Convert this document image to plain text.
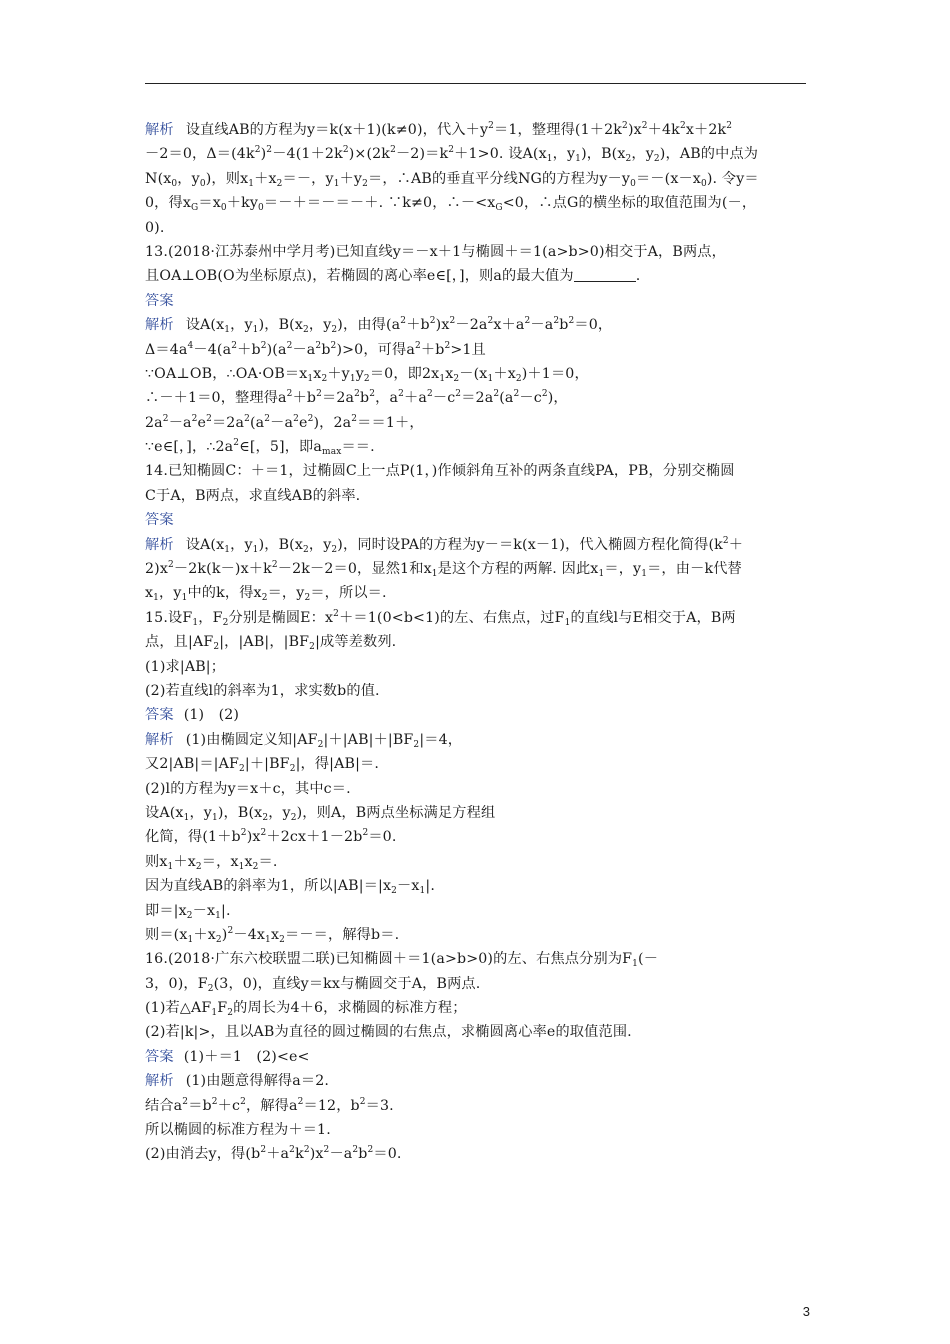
解析 设直线AB的方程为y＝k(x＋1)(k≠0)，代入$+y^2=1$，整理得$(1+2k^2)x^2+4k^2x+2k^2$
－2＝0，$\Delta=(4k^2)^2-4(1+2k^2)\times(2k^2-2)=k^2+1>0$. 设$A(x_1$，$y_1$)，$B(x_2$，$y_2$)，AB的中点为
$N(x_0$，$y_0$)，则$x_1+x_2=-$，$y_1+y_2=$，∴AB的垂直平分线NG的方程为$y-y_0=-(x-x_0)$. 令y＝
0，得$x_G=x_0+ky_0=-+=-=-+$. ∵k≠0，$\therefore-<x_G<0$，∴点G的横坐标的取值范围为(－，
0).
13.(2018·江苏泰州中学月考)已知直线y＝－x＋1与椭圆＋＝1(a>b>0)相交于A，B两点，
且OA⊥OB(O为坐标原点)，若椭圆的离心率e∈[，]，则a的最大值为	.
答案
解析 设$A(x_1$，$y_1$)，$B(x_2$，$y_2$)，由得$(a^2+b^2)x^2-2a^2x+a^2-a^2b^2=0$，
$\Delta=4a^4-4(a^2+b^2)(a^2-a^2b^2)>0$，可得$a^2+b^2>1$且
∵OA⊥OB，$\therefore OA\cdot OB=x_1x_2+y_1y_2=0$，即$2x_1x_2-(x_1+x_2)+1=0$，
∴－＋1＝0，整理得$a^2+b^2=2a^2b^2$，$a^2+a^2-c^2=2a^2(a^2-c^2)$，
$2a^2-a^2e^2=2a^2(a^2-a^2e^2)$，$2a^2==1+$，
∵e∈[，]，$\therefore 2a^2\in$[，5]，即$a_{max}==$.
14.已知椭圆C：＋＝1，过椭圆C上一点P(1，)作倾斜角互补的两条直线PA，PB，分别交椭圆
C于A，B两点，求直线AB的斜率.
答案
解析 设$A(x_1$，$y_1$)，$B(x_2$，$y_2$)，同时设PA的方程为y－＝k(x－1)，代入椭圆方程化简得($k^2+$
$2)x^2-2k(k-)x+k^2-2k-2=0$，显然1和$x_1$是这个方程的两解. 因此$x_1=$，$y_1=$，由－k代替
$x_1$，$y_1$中的k，得$x_2=$，$y_2=$，所以＝.
15.设$F_1$，$F_2$分别是椭圆E：$x^2+=1(0<b<1)$的左、右焦点，过$F_1$的直线l与E相交于A，B两
点，且$|AF_2|$，|AB|，$|BF_2|$成等差数列.
(1)求|AB|；
(2)若直线l的斜率为1，求实数b的值.
答案 (1)　(2)
解析 (1)由椭圆定义知$|AF_2|+|AB|+|BF_2|=4$，
又$2|AB|=|AF_2|+|BF_2|$，得|AB|＝.
(2)l的方程为y＝x＋c，其中c＝.
设$A(x_1$，$y_1$)，$B(x_2$，$y_2$)，则A，B两点坐标满足方程组
化简，得$(1+b^2)x^2+2cx+1-2b^2=0$.
则$x_1+x_2=$，$x_1x_2=$.
因为直线AB的斜率为1，所以$|AB|=|x_2-x_1|$.
即$=|x_2-x_1|$.
则$=(x_1+x_2)^2-4x_1x_2=-=$，解得b＝.
16.(2018·广东六校联盟二联)已知椭圆＋＝1(a>b>0)的左、右焦点分别为$F_1(-$
3，0)，$F_2(3$，0)，直线y＝kx与椭圆交于A，B两点.
(1)若$\triangle AF_1F_2$的周长为4＋6，求椭圆的标准方程；
(2)若|k|>，且以AB为直径的圆过椭圆的右焦点，求椭圆离心率e的取值范围.
答案 (1)＋＝1　(2)<e<
解析 (1)由题意得解得a＝2.
结合$a^2=b^2+c^2$，解得$a^2=12$，$b^2=3$.
所以椭圆的标准方程为＋＝1.
(2)由消去y，得$(b^2+a^2k^2)x^2-a^2b^2=0$.
3
